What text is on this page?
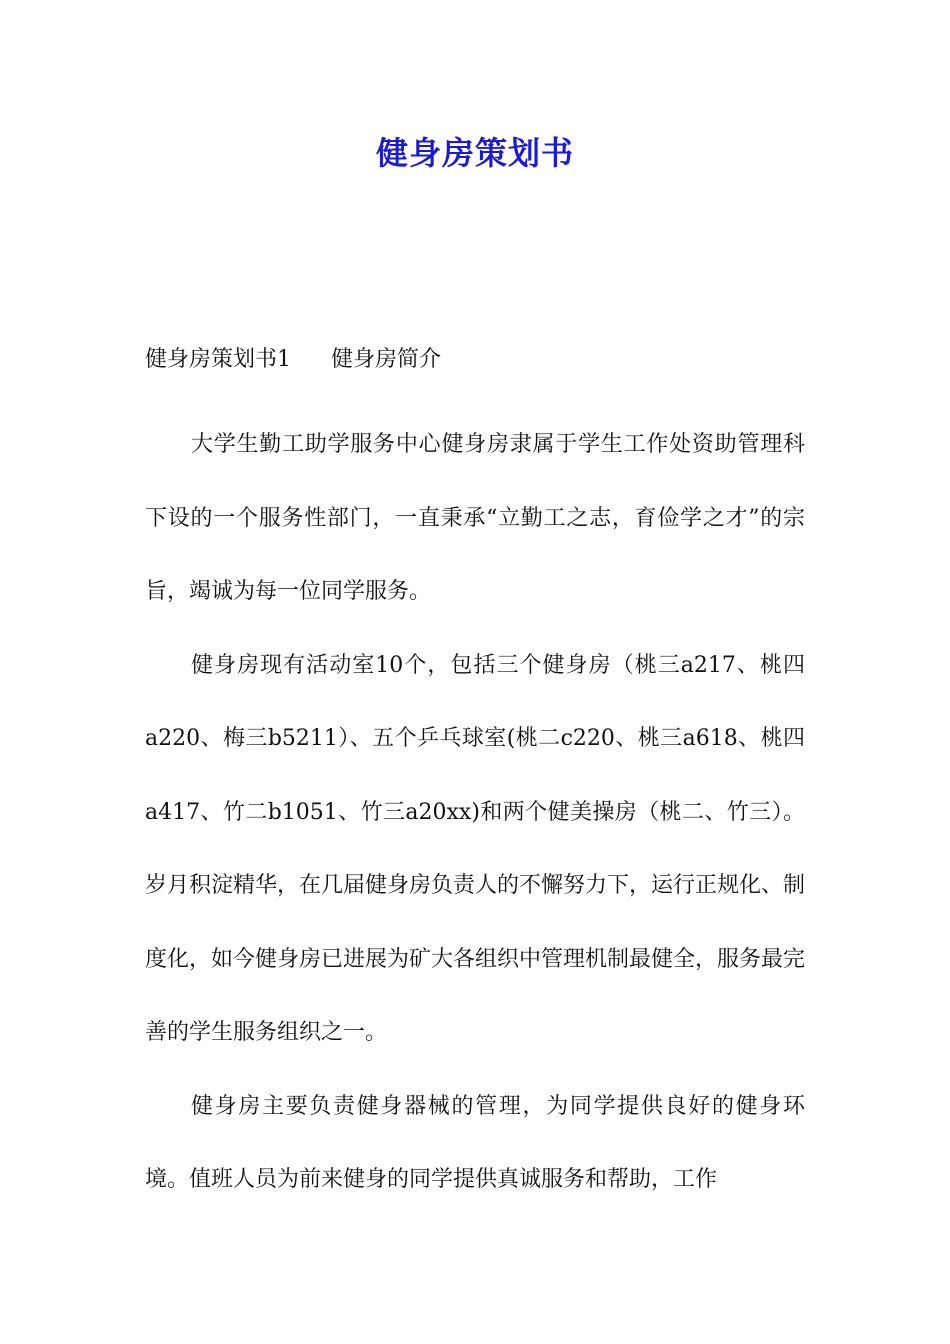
健身房策划书
健身房策划书1 健身房简介

大学生勤工助学服务中心健身房隶属于学生工作处资助管理科下设的一个服务性部门，一直秉承“立勤工之志，育俭学之才”的宗旨，竭诚为每一位同学服务。

健身房现有活动室10个，包括三个健身房（桃三a217、桃四a220、梅三b5211）、五个乒乓球室(桃二c220、桃三a618、桃四a417、竹二b1051、竹三a20xx)和两个健美操房（桃二、竹三）。岁月积淀精华，在几届健身房负责人的不懈努力下，运行正规化、制度化，如今健身房已进展为矿大各组织中管理机制最健全，服务最完善的学生服务组织之一。

健身房主要负责健身器械的管理，为同学提供良好的健身环境。值班人员为前来健身的同学提供真诚服务和帮助，工作
